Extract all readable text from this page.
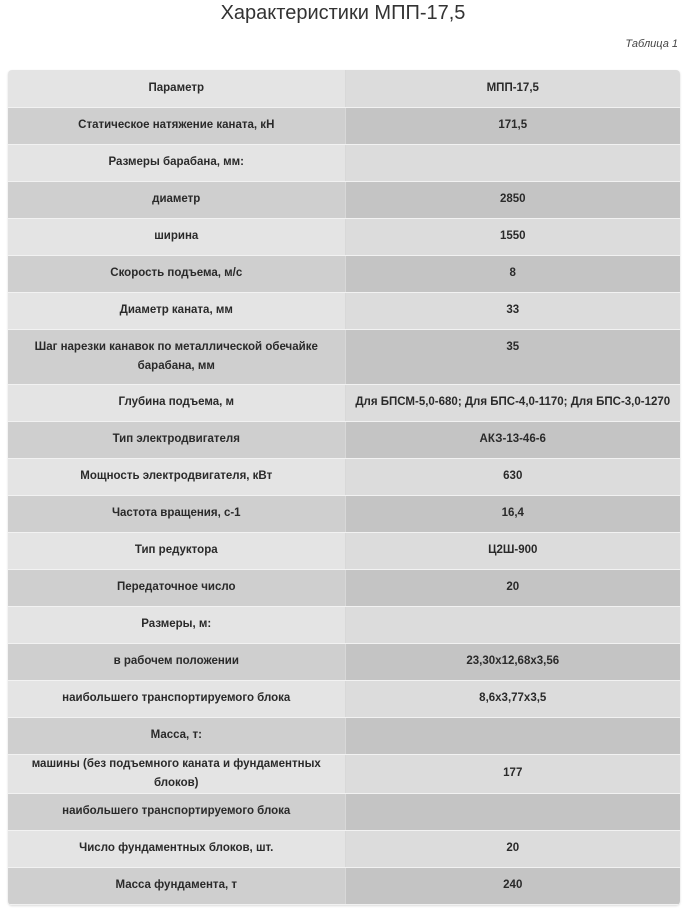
Характеристики МПП-17,5
Таблица 1
Параметр	МПП-17,5
Статическое натяжение каната, кН	171,5
Размеры барабана, мм:	
диаметр	2850
ширина	1550
Скорость подъема, м/с	8
Диаметр каната, мм	33
Шаг нарезки канавок по металлической обечайке барабана, мм	35
Глубина подъема, м	Для БПСМ-5,0-680; Для БПС-4,0-1170; Для БПС-3,0-1270
Тип электродвигателя	АКЗ-13-46-6
Мощность электродвигателя, кВт	630
Частота вращения, с-1	16,4
Тип редуктора	Ц2Ш-900
Передаточное число	20
Размеры, м:	
в рабочем положении	23,30х12,68х3,56
наибольшего транспортируемого блока	8,6х3,77х3,5
Масса, т:	
машины (без подъемного каната и фундаментных блоков)	177
наибольшего транспортируемого блока	
Число фундаментных блоков, шт.	20
Масса фундамента, т	240
